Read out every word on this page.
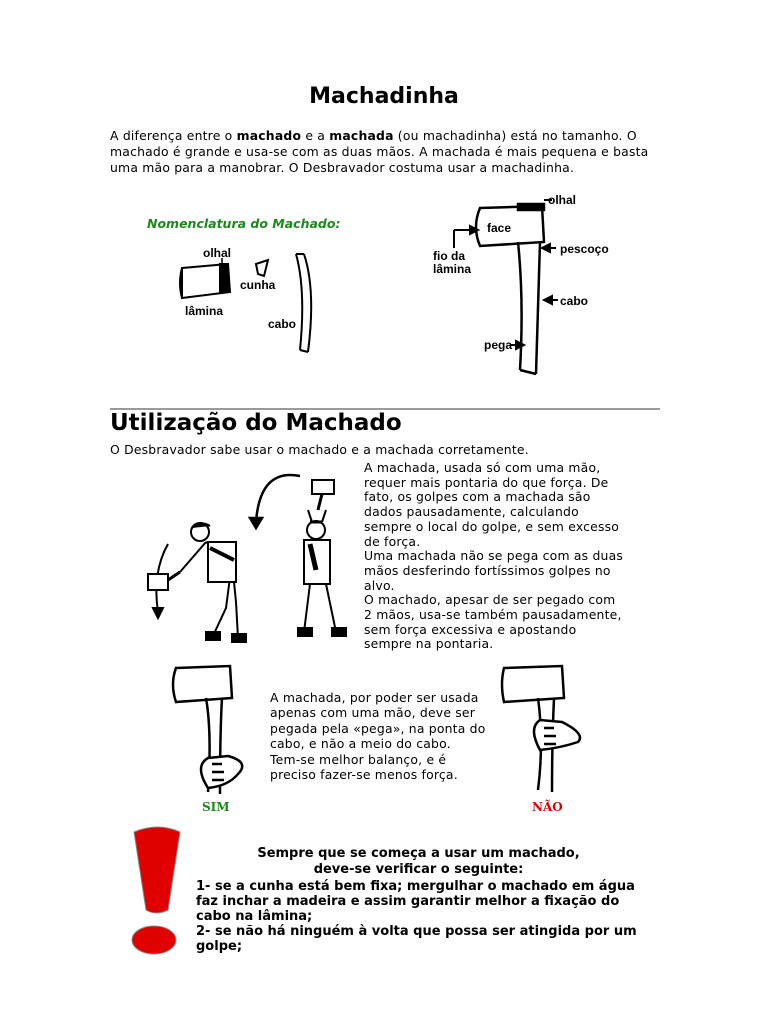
Machadinha
A diferença entre o machado e a machada (ou machadinha) está no tamanho. O machado é grande e usa-se com as duas mãos. A machada é mais pequena e basta uma mão para a manobrar. O Desbravador costuma usar a machadinha.
Nomenclatura do Machado:
olhal
cunha
lâmina
cabo
olhal
face
fio da
lâmina
pescoço
cabo
pega
Utilização do Machado
O Desbravador sabe usar o machado e a machada corretamente.
A machada, usada só com uma mão,
requer mais pontaria do que força. De
fato, os golpes com a machada são
dados pausadamente, calculando
sempre o local do golpe, e sem excesso
de força.
Uma machada não se pega com as duas
mãos desferindo fortíssimos golpes no
alvo.
O machado, apesar de ser pegado com
2 mãos, usa-se também pausadamente,
sem força excessiva e apostando
sempre na pontaria.
SIM
A machada, por poder ser usada
apenas com uma mão, deve ser
pegada pela «pega», na ponta do
cabo, e não a meio do cabo.
Tem-se melhor balanço, e é
preciso fazer-se menos força.
NÃO
Sempre que se começa a usar um machado,
deve-se verificar o seguinte:
1- se a cunha está bem fixa; mergulhar o machado em água faz inchar a madeira e assim garantir melhor a fixação do cabo na lâmina;
2- se não há ninguém à volta que possa ser atingida por um golpe;
